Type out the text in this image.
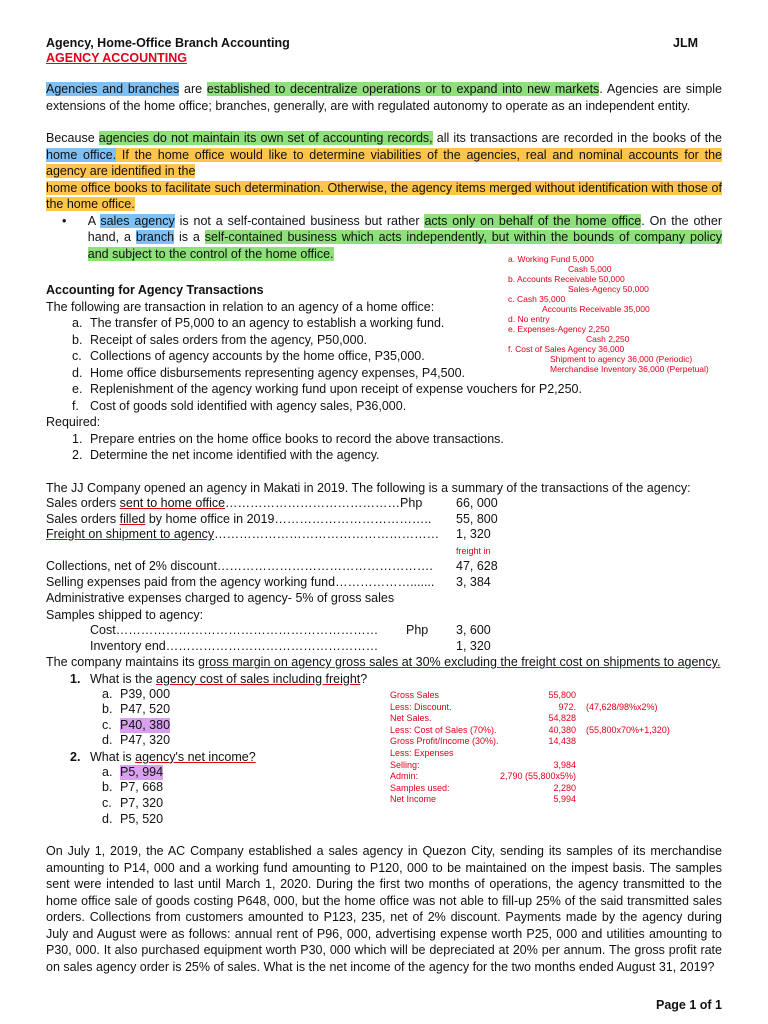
Agency, Home-Office Branch Accounting	JLM
AGENCY ACCOUNTING

Agencies and branches are established to decentralize operations or to expand into new markets. Agencies are simple extensions of the home office; branches, generally, are with regulated autonomy to operate as an independent entity.

Because agencies do not maintain its own set of accounting records, all its transactions are recorded in the books of the home office. If the home office would like to determine viabilities of the agencies, real and nominal accounts for the agency are identified in the
home office books to facilitate such determination. Otherwise, the agency items merged without identification with those of the home office.

•	A sales agency is not a self-contained business but rather acts only on behalf of the home office. On the other hand, a branch is a self-contained business which acts independently, but within the bounds of company policy and subject to the control of the home office.

Accounting for Agency Transactions

The following are transaction in relation to an agency of a home office:

a. The transfer of P5,000 to an agency to establish a working fund.
b. Receipt of sales orders from the agency, P50,000.
c. Collections of agency accounts by the home office, P35,000.
d. Home office disbursements representing agency expenses, P4,500.
e. Replenishment of the agency working fund upon receipt of expense vouchers for P2,250.
f. Cost of goods sold identified with agency sales, P36,000.

Required:

1. Prepare entries on the home office books to record the above transactions.
2. Determine the net income identified with the agency.

The JJ Company opened an agency in Makati in 2019. The following is a summary of the transactions of the agency:

Sales orders sent to home office……………………………………Php	66, 000
Sales orders filled by home office in 2019………………………………..	55, 800
Freight on shipment to agency………………………………………………	1, 320 freight in
Collections, net of 2% discount…………………………………………….	47, 628
Selling expenses paid from the agency working fund……………….......	3, 384

Administrative expenses charged to agency- 5% of gross sales

Samples shipped to agency:

Cost………………………………………………………	Php	3, 600
Inventory end……………………………………………	1, 320

The company maintains its gross margin on agency gross sales at 30% excluding the freight cost on shipments to agency.

1. What is the agency cost of sales including freight?
a. P39, 000
b. P47, 520
c. P40, 380
d. P47, 320
2. What is agency's net income?
a. P5, 994
b. P7, 668
c. P7, 320
d. P5, 520

On July 1, 2019, the AC Company established a sales agency in Quezon City, sending its samples of its merchandise amounting to P14, 000 and a working fund amounting to P120, 000 to be maintained on the impest basis. The samples sent were intended to last until March 1, 2020. During the first two months of operations, the agency transmitted to the home office sale of goods costing P648, 000, but the home office was not able to fill-up 25% of the said transmitted sales orders. Collections from customers amounted to P123, 235, net of 2% discount. Payments made by the agency during July and August were as follows: annual rent of P96, 000, advertising expense worth P25, 000 and utilities amounting to P30, 000. It also purchased equipment worth P30, 000 which will be depreciated at 20% per annum. The gross profit rate on sales agency order is 25% of sales. What is the net income of the agency for the two months ended August 31, 2019?

a. Working Fund 5,000
Cash 5,000
b. Accounts Receivable 50,000
Sales-Agency 50,000
c. Cash 35,000
Accounts Receivable 35,000
d. No entry
e. Expenses-Agency 2,250
Cash 2,250
f. Cost of Sales Agency 36,000
Shipment to agency 36,000 (Periodic)
Merchandise Inventory 36,000 (Perpetual)
Gross Sales	55,800
Less: Discount.	972. (47,628/98%x2%)
Net Sales.	54,828
Less: Cost of Sales (70%).	40,380 (55,800x70%+1,320)
Gross Profit/Income (30%).	14,438
Less: Expenses
Selling:	3,984
Admin:	2,790 (55,800x5%)
Samples used:	2,280
Net Income	5,994
Page 1 of 1
